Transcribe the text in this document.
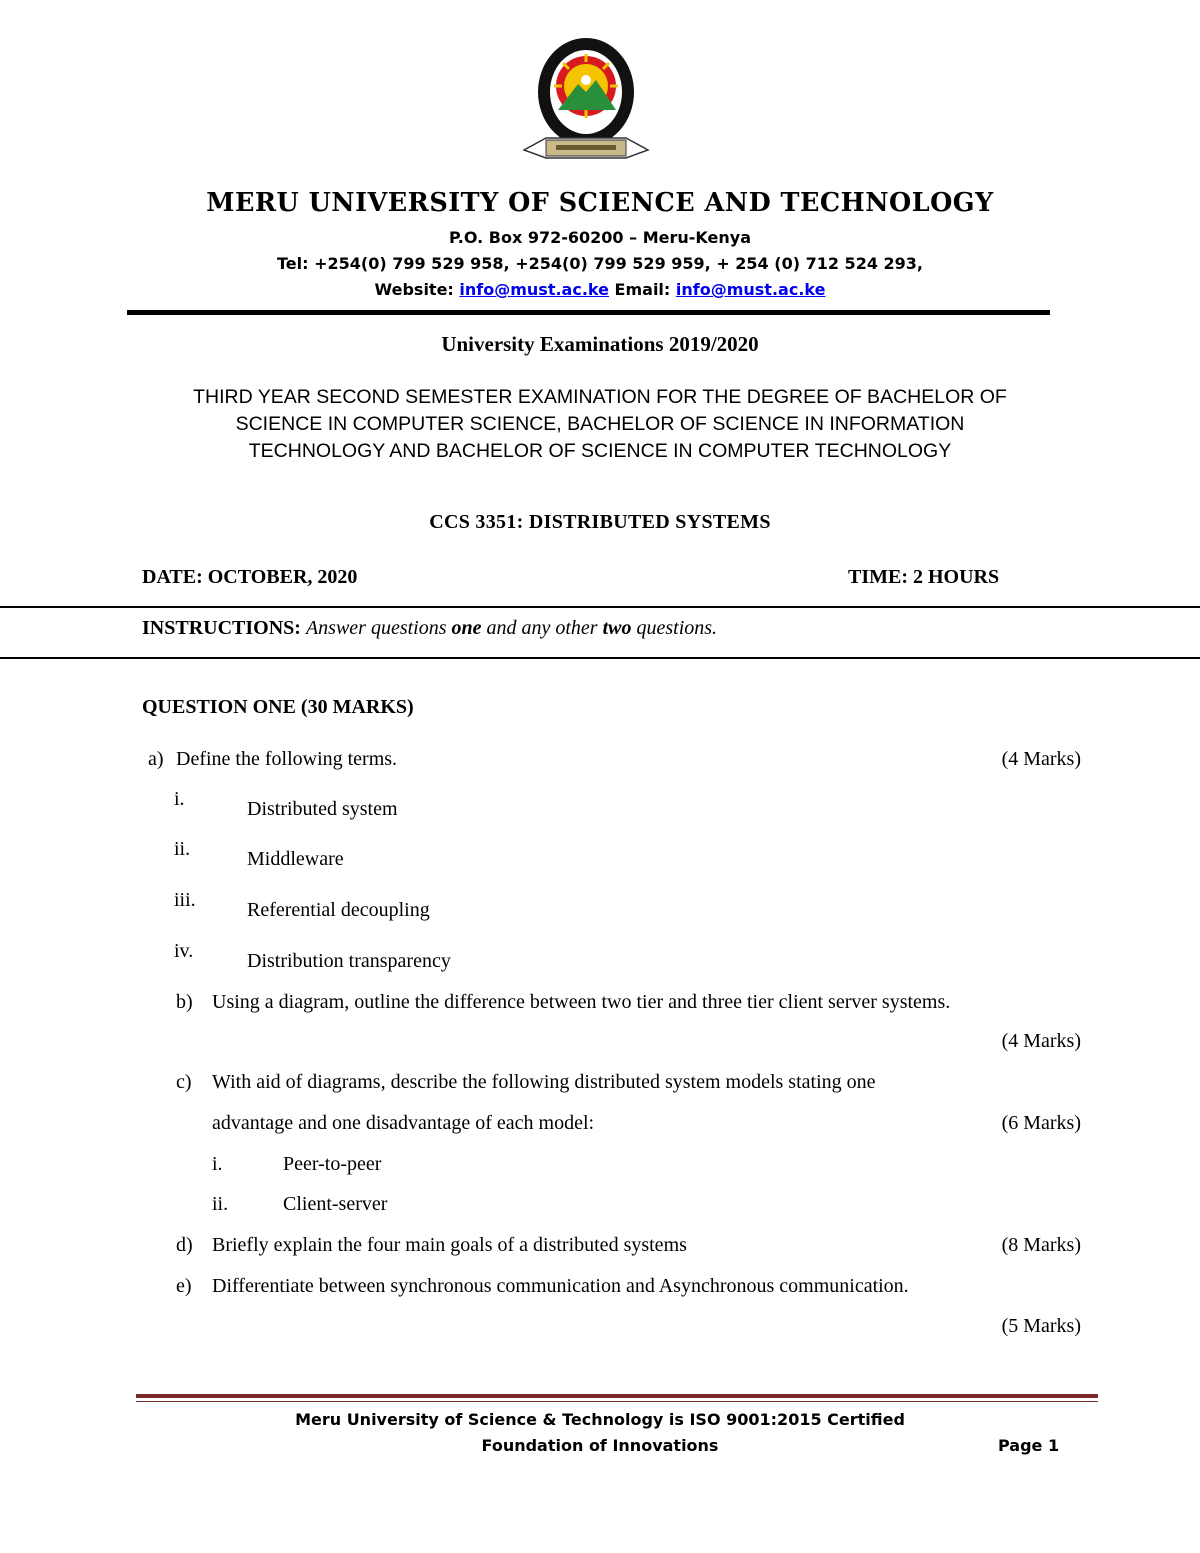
MERU UNIVERSITY OF SCIENCE AND TECHNOLOGY
P.O. Box 972-60200 – Meru-Kenya
Tel: +254(0) 799 529 958, +254(0) 799 529 959, + 254 (0) 712 524 293,
Website: info@must.ac.ke Email: info@must.ac.ke
University Examinations 2019/2020
THIRD YEAR SECOND SEMESTER EXAMINATION FOR THE DEGREE OF BACHELOR OF
SCIENCE IN COMPUTER SCIENCE, BACHELOR OF SCIENCE IN INFORMATION
TECHNOLOGY AND BACHELOR OF SCIENCE IN COMPUTER TECHNOLOGY
CCS 3351: DISTRIBUTED SYSTEMS
DATE: OCTOBER, 2020	TIME: 2 HOURS
INSTRUCTIONS: Answer questions one and any other two questions.
QUESTION ONE (30 MARKS)
a) Define the following terms.	(4 Marks)
i.	Distributed system
ii.	Middleware
iii.	Referential decoupling
iv.	Distribution transparency
b) Using a diagram, outline the difference between two tier and three tier client server systems.
(4 Marks)
c) With aid of diagrams, describe the following distributed system models stating one
advantage and one disadvantage of each model:	(6 Marks)
i.	Peer-to-peer
ii.	Client-server
d) Briefly explain the four main goals of a distributed systems	(8 Marks)
e) Differentiate between synchronous communication and Asynchronous communication.
(5 Marks)
Meru University of Science & Technology is ISO 9001:2015 Certified
Foundation of Innovations	Page 1
